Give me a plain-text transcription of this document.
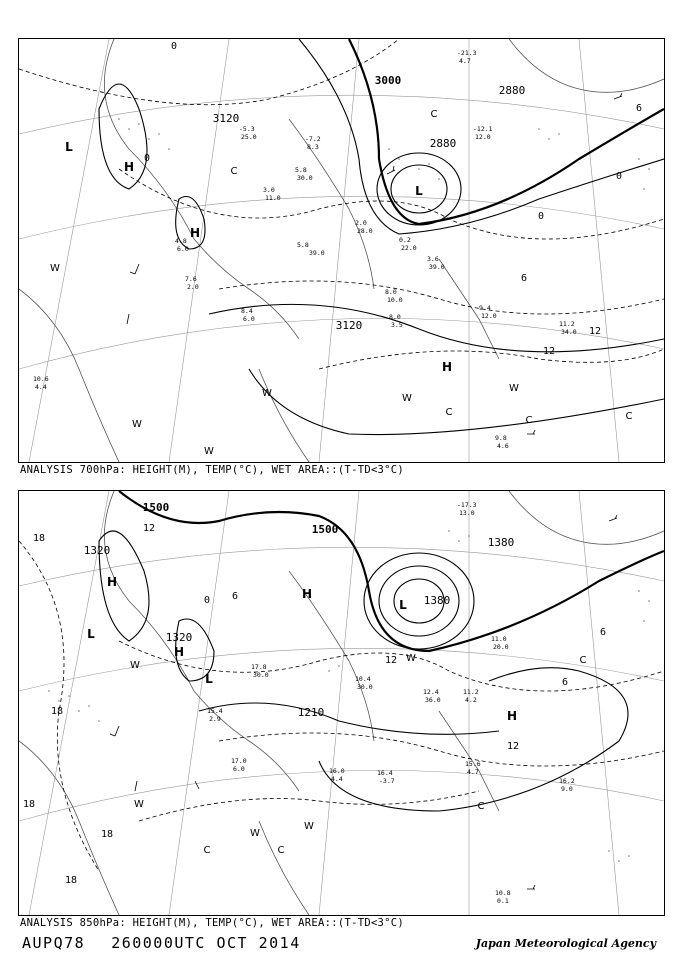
H
H
H
L
L
C
C
C
C	C
W
W
W
W	W
W
3000
3120
2880
2880
3120
0
0
0
6
12
12
6
0
-21.3
4.7
-7.2
8.3
-5.3
25.0
5.8
30.0
3.0
11.0
5.8
39.0
2.0
28.0
0.2
22.0
3.6
39.0
8.0
10.0
8.0
3.5
9.4
12.0
11.2
34.0
9.8
4.6
10.6
4.4
8.4
6.0
7.6
2.0
4.8
6.0
-12.1
12.0
ANALYSIS 700hPa: HEIGHT(M), TEMP(°C), WET AREA::(T-TD<3°C)
H
H
H
H
L
L
L
W
W
W
W
W
C	C
C
C
1500
1500
1380
1380
1320
1320
1210
18
18
18
18
12
12
6
6
0
12
18
6
-17.3
13.0
17.8
30.0	10.4
30.0
12.4
36.0
11.2
4.2
15.6
4.7
16.2
9.0
10.8
0.1
16.4
-3.7
17.0
6.0
15.4
2.9
16.0
4.4
11.0
20.0
ANALYSIS 850hPa: HEIGHT(M), TEMP(°C), WET AREA::(T-TD<3°C)
AUPQ78 260000UTC OCT 2014	Japan Meteorological Agency
